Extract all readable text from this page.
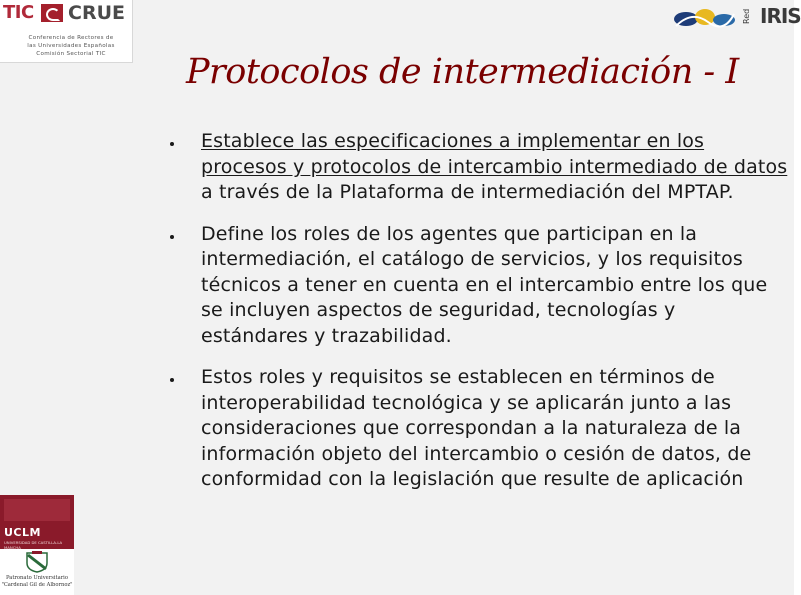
TIC CRUE
Conferencia de Rectores de
las Universidades Españolas
Comisión Sectorial TIC
Red IRIS
Protocolos de intermediación - I
Establece las especificaciones a implementar en los procesos y protocolos de intercambio intermediado de datos a través de la Plataforma de intermediación del MPTAP.
Define los roles de los agentes que participan en la intermediación, el catálogo de servicios, y los requisitos técnicos a tener en cuenta en el intercambio entre los que se incluyen aspectos de seguridad, tecnologías y estándares y trazabilidad.
Estos roles y requisitos se establecen en términos de interoperabilidad tecnológica y se aplicarán junto a las consideraciones que correspondan a la naturaleza de la información objeto del intercambio o cesión de datos, de conformidad con la legislación que resulte de aplicación
UCLM
UNIVERSIDAD DE CASTILLA-LA MANCHA
Patronato Universitario
"Cardenal Gil de Albornoz"
